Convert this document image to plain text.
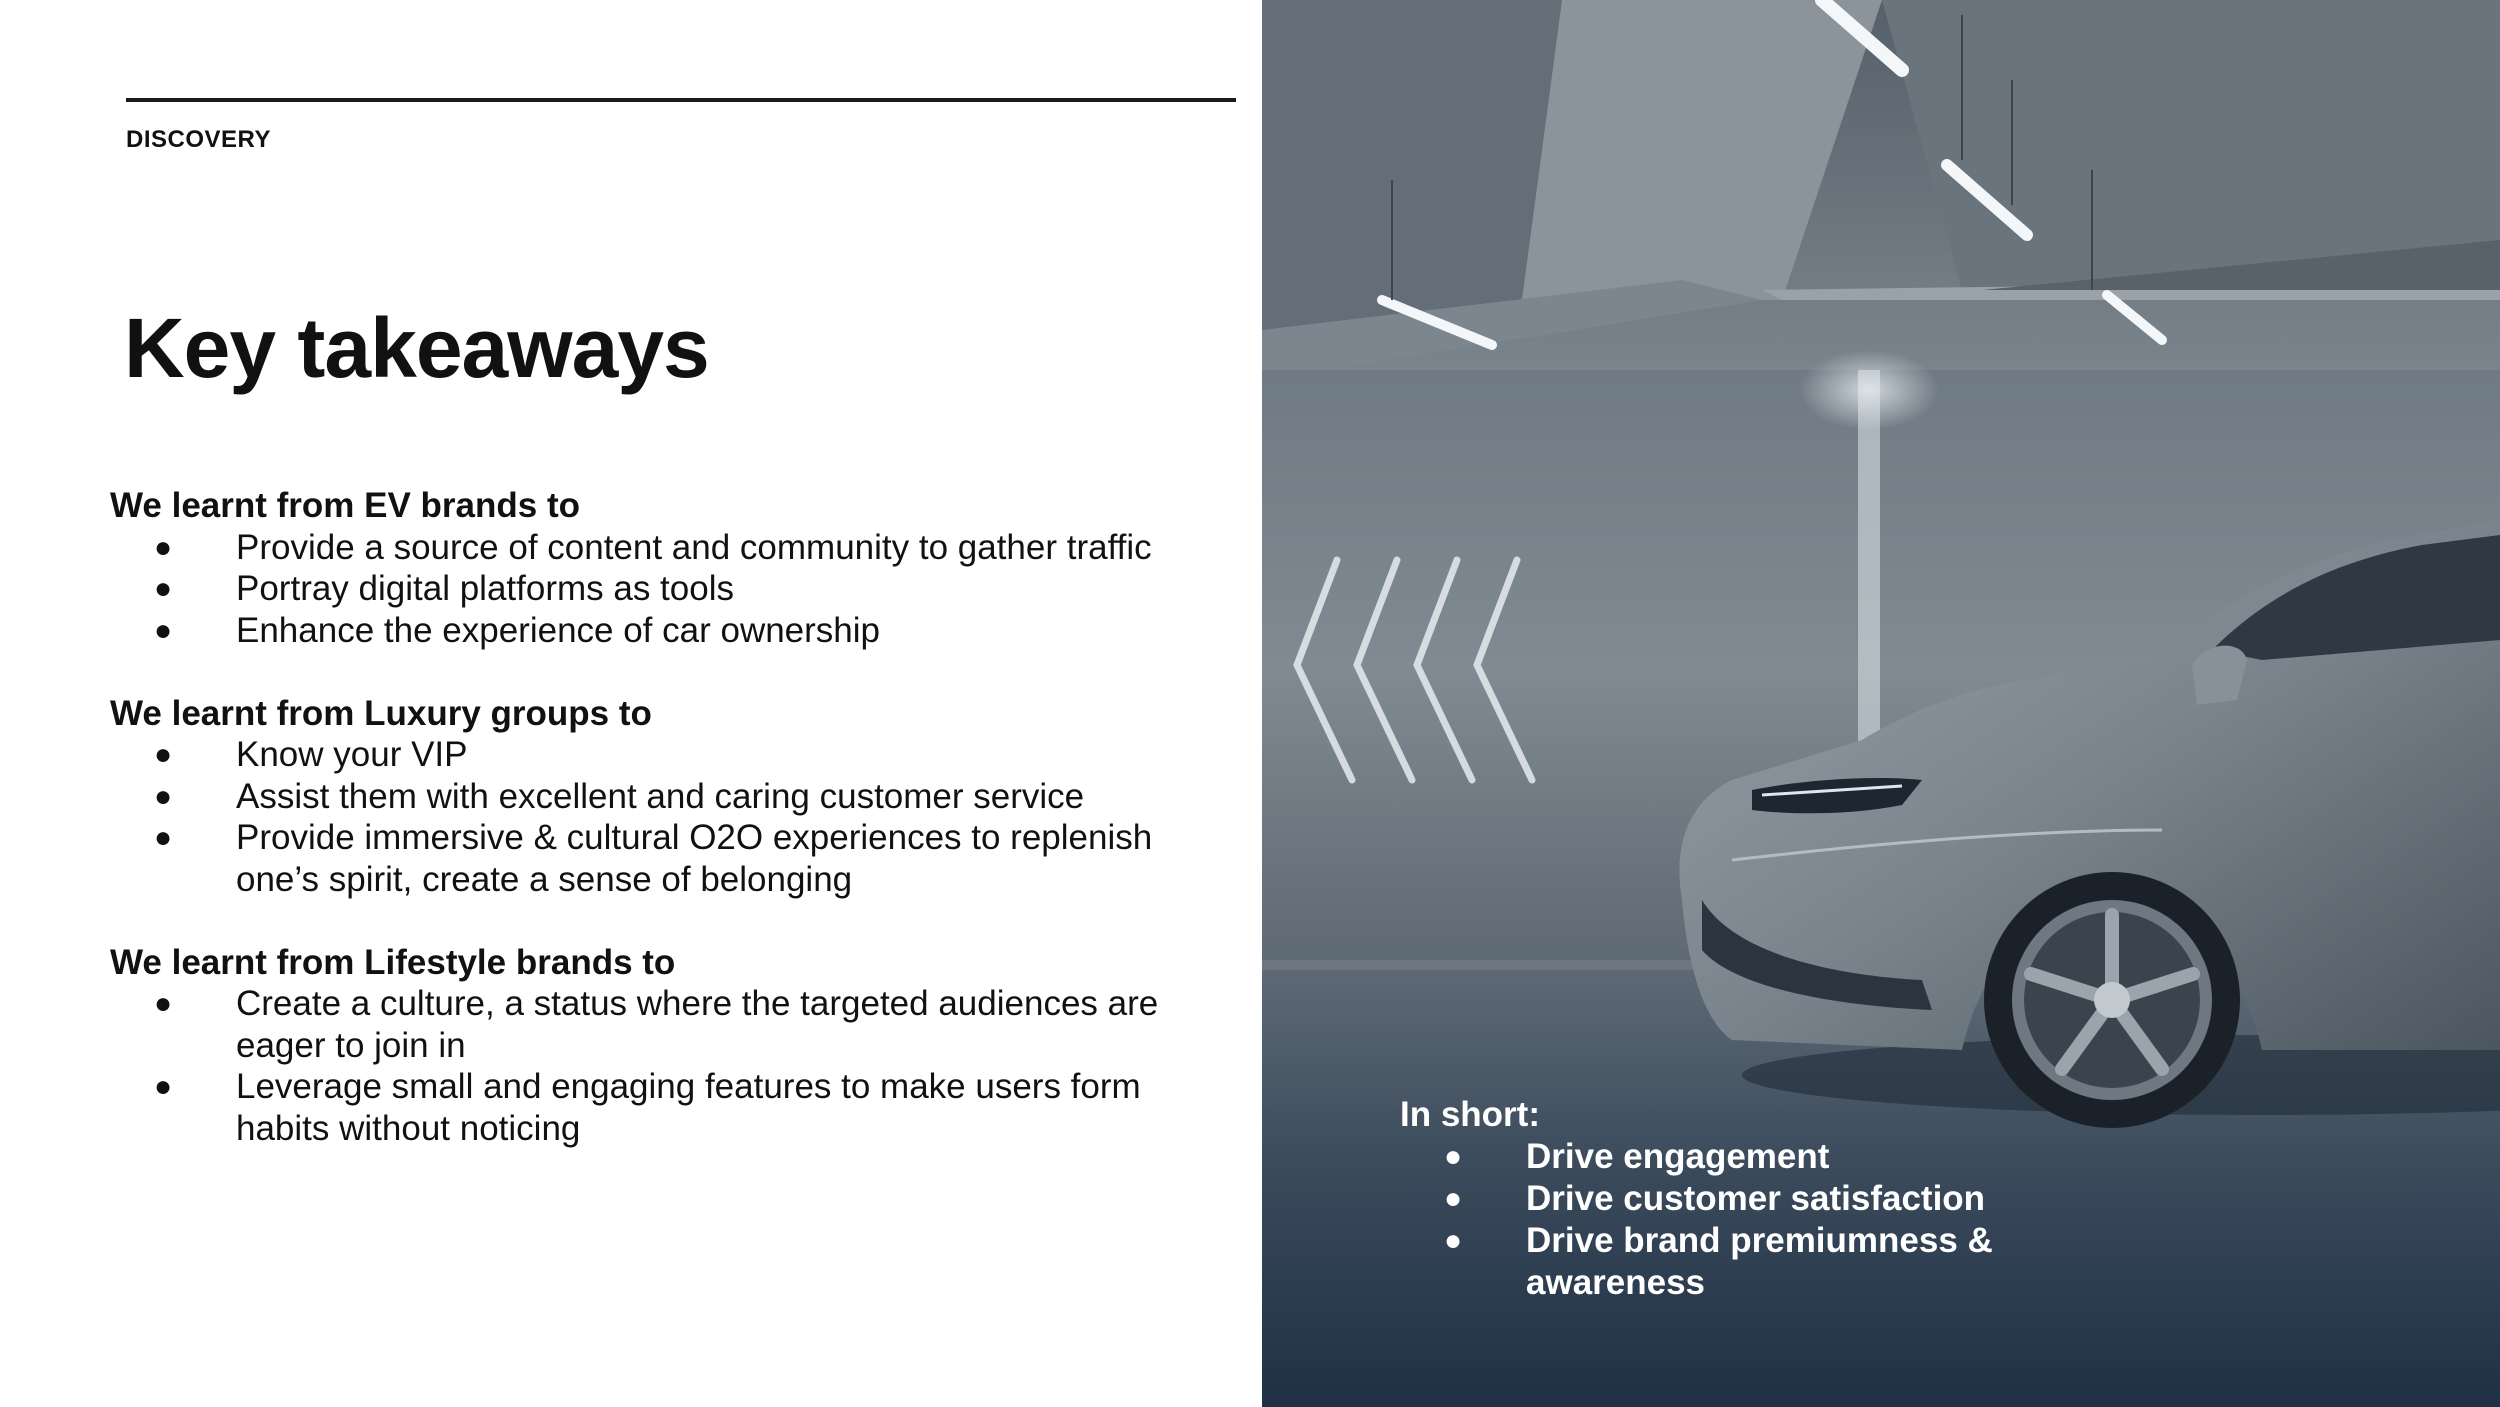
DISCOVERY
Key takeaways

We learnt from EV brands to

● Provide a source of content and community to gather traffic
● Portray digital platforms as tools
● Enhance the experience of car ownership

We learnt from Luxury groups to

● Know your VIP
● Assist them with excellent and caring customer service
● Provide immersive & cultural O2O experiences to replenish one’s spirit, create a sense of belonging

We learnt from Lifestyle brands to

● Create a culture, a status where the targeted audiences are eager to join in
● Leverage small and engaging features to make users form habits without noticing	In short:

● Drive engagement
● Drive customer satisfaction
● Drive brand premiumness & awareness
